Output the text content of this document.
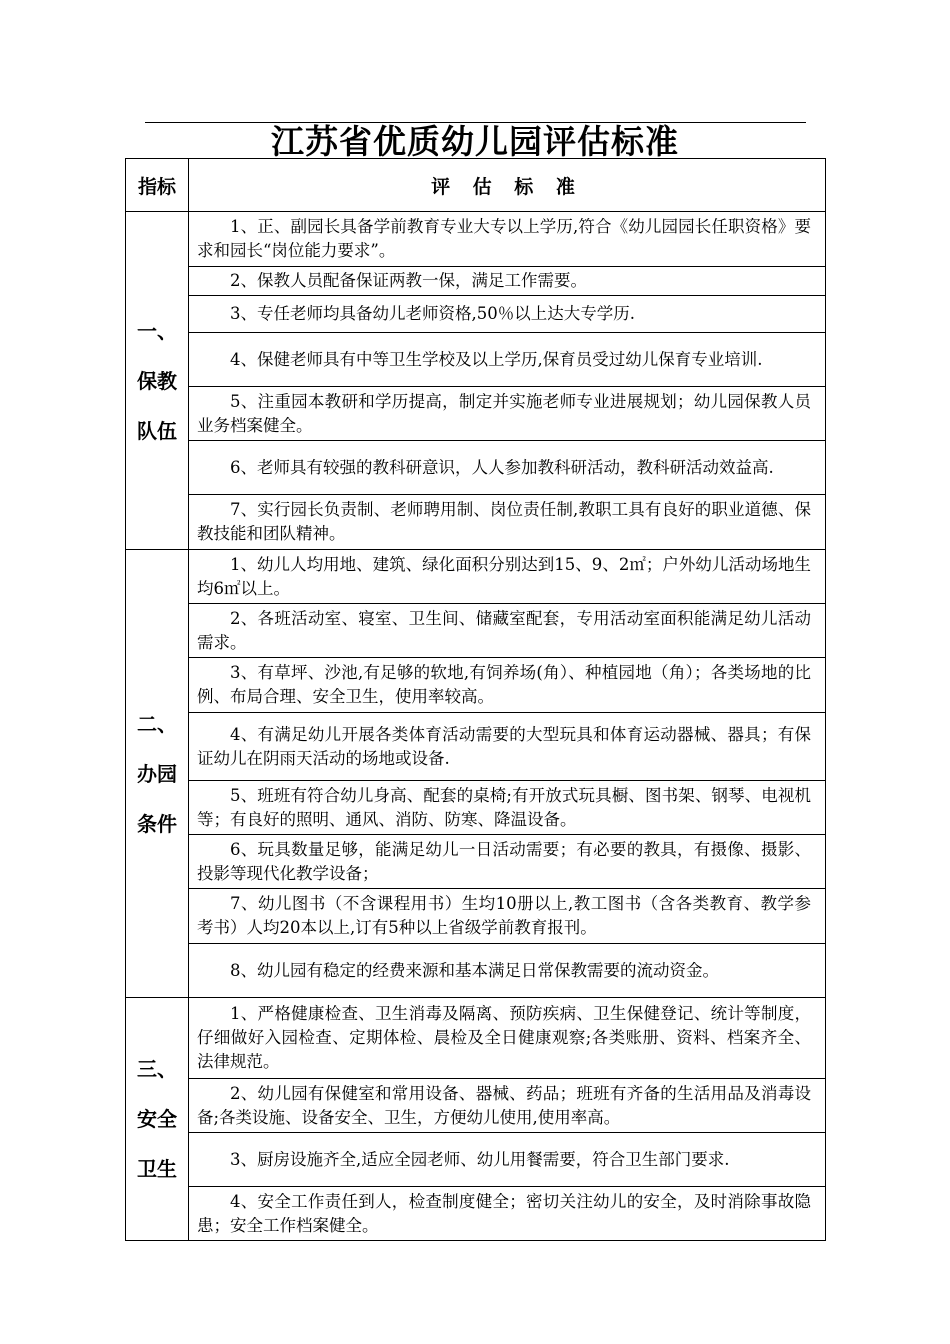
江苏省优质幼儿园评估标准
指标	评 估 标 准

一、
保教
队伍	1、正、副园长具备学前教育专业大专以上学历,符合《幼儿园园长任职资格》要求和园长“岗位能力要求”。
	2、保教人员配备保证两教一保，满足工作需要。
	3、专任老师均具备幼儿老师资格,50％以上达大专学历.
	4、保健老师具有中等卫生学校及以上学历,保育员受过幼儿保育专业培训.
	5、注重园本教研和学历提高，制定并实施老师专业进展规划；幼儿园保教人员业务档案健全。
	6、老师具有较强的教科研意识，人人参加教科研活动，教科研活动效益高.
	7、实行园长负责制、老师聘用制、岗位责任制,教职工具有良好的职业道德、保教技能和团队精神。

二、
办园
条件	1、幼儿人均用地、建筑、绿化面积分别达到15、9、2㎡；户外幼儿活动场地生均6㎡以上。
	2、各班活动室、寝室、卫生间、储藏室配套，专用活动室面积能满足幼儿活动需求。
	3、有草坪、沙池,有足够的软地,有饲养场(角）、种植园地（角）；各类场地的比例、布局合理、安全卫生，使用率较高。
	4、有满足幼儿开展各类体育活动需要的大型玩具和体育运动器械、器具；有保证幼儿在阴雨天活动的场地或设备.
	5、班班有符合幼儿身高、配套的桌椅;有开放式玩具橱、图书架、钢琴、电视机等；有良好的照明、通风、消防、防寒、降温设备。
	6、玩具数量足够，能满足幼儿一日活动需要；有必要的教具，有摄像、摄影、投影等现代化教学设备；
	7、幼儿图书（不含课程用书）生均10册以上,教工图书（含各类教育、教学参考书）人均20本以上,订有5种以上省级学前教育报刊。
	8、幼儿园有稳定的经费来源和基本满足日常保教需要的流动资金。

三、
安全
卫生	1、严格健康检查、卫生消毒及隔离、预防疾病、卫生保健登记、统计等制度，仔细做好入园检查、定期体检、晨检及全日健康观察;各类账册、资料、档案齐全、法律规范。
	2、幼儿园有保健室和常用设备、器械、药品；班班有齐备的生活用品及消毒设备;各类设施、设备安全、卫生，方便幼儿使用,使用率高。
	3、厨房设施齐全,适应全园老师、幼儿用餐需要，符合卫生部门要求.
	4、安全工作责任到人，检查制度健全；密切关注幼儿的安全，及时消除事故隐患；安全工作档案健全。
